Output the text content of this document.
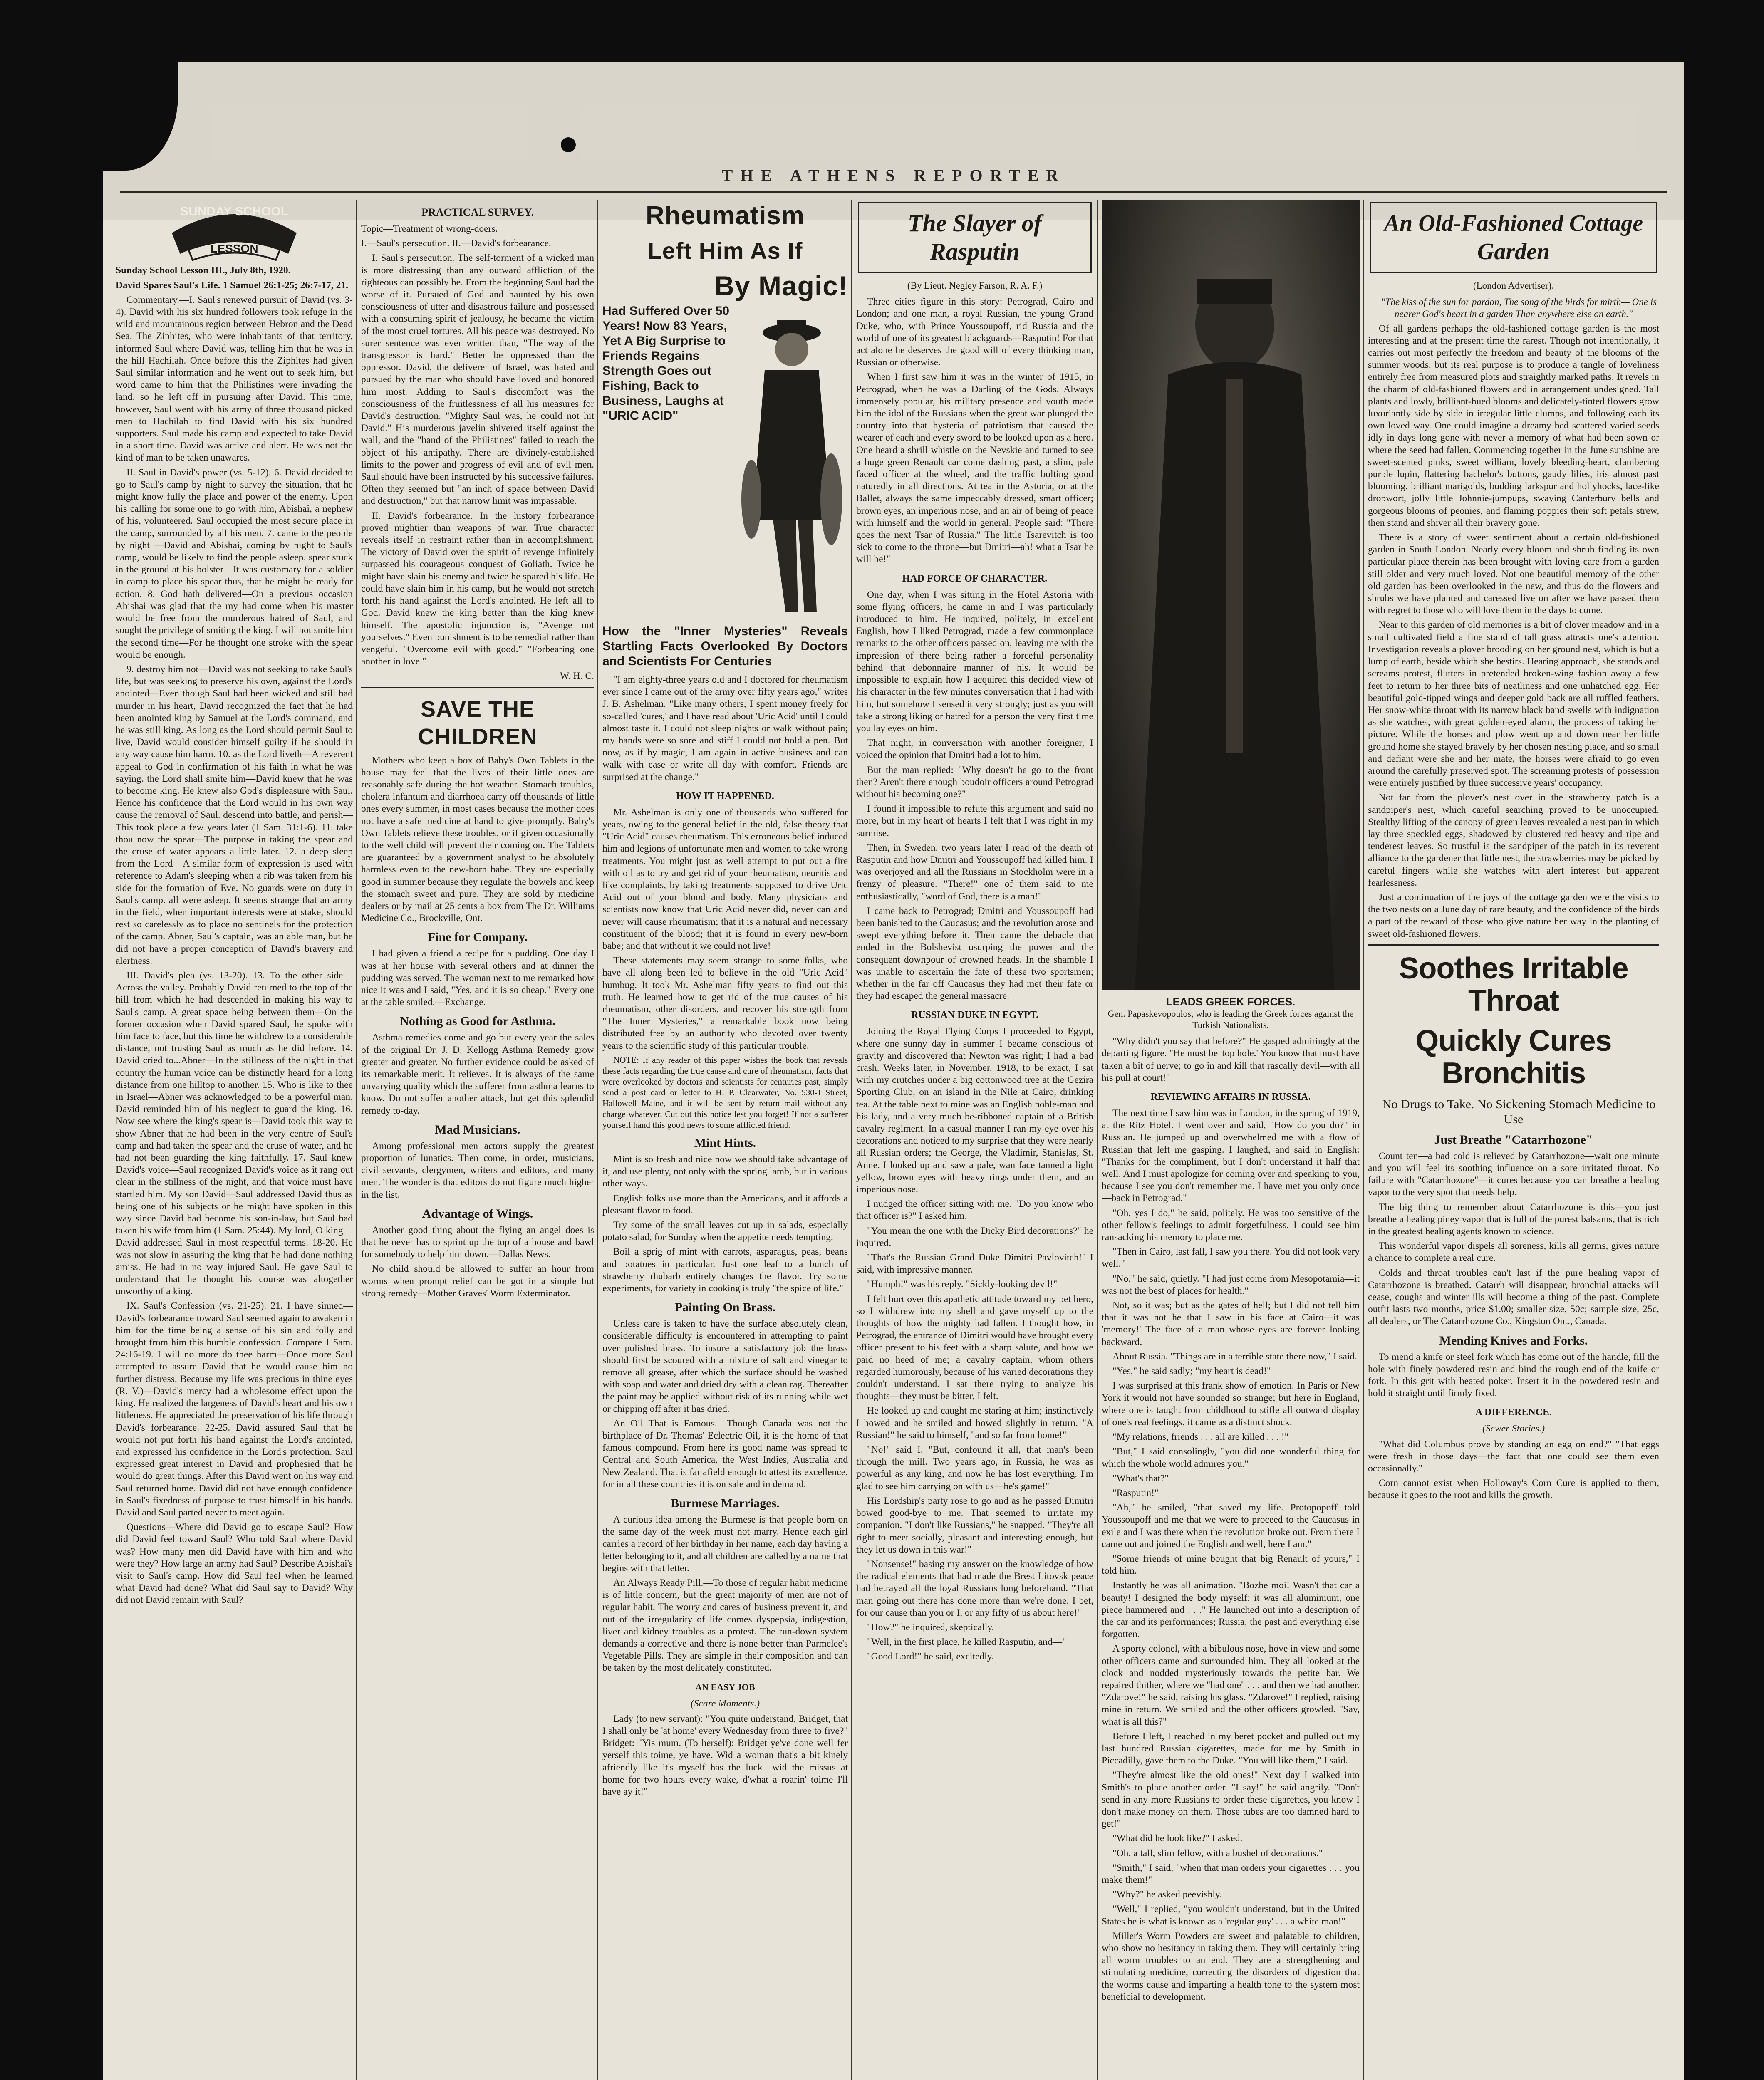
THE ATHENS REPORTER
SUNDAY SCHOOL
LESSON

Sunday School Lesson III., July 8th, 1920.

David Spares Saul's Life. 1 Samuel 26:1-25; 26:7-17, 21.

Commentary.—I. Saul's renewed pursuit of David (vs. 3-4). David with his six hundred followers took refuge in the wild and mountainous region between Hebron and the Dead Sea. The Ziphites, who were inhabitants of that territory, informed Saul where David was, telling him that he was in the hill Hachilah. Once before this the Ziphites had given Saul similar information and he went out to seek him, but word came to him that the Philistines were invading the land, so he left off in pursuing after David. This time, however, Saul went with his army of three thousand picked men to Hachilah to find David with his six hundred supporters. Saul made his camp and expected to take David in a short time. David was active and alert. He was not the kind of man to be taken unawares.

II. Saul in David's power (vs. 5-12). 6. David decided to go to Saul's camp by night to survey the situation, that he might know fully the place and power of the enemy. Upon his calling for some one to go with him, Abishai, a nephew of his, volunteered. Saul occupied the most secure place in the camp, surrounded by all his men. 7. came to the people by night —David and Abishai, coming by night to Saul's camp, would be likely to find the people asleep. spear stuck in the ground at his bolster—It was customary for a soldier in camp to place his spear thus, that he might be ready for action. 8. God hath delivered—On a previous occasion Abishai was glad that the my had come when his master would be free from the murderous hatred of Saul, and sought the privilege of smiting the king. I will not smite him the second time—For he thought one stroke with the spear would be enough.

9. destroy him not—David was not seeking to take Saul's life, but was seeking to preserve his own, against the Lord's anointed—Even though Saul had been wicked and still had murder in his heart, David recognized the fact that he had been anointed king by Samuel at the Lord's command, and he was still king. As long as the Lord should permit Saul to live, David would consider himself guilty if he should in any way cause him harm. 10. as the Lord liveth—A reverent appeal to God in confirmation of his faith in what he was saying. the Lord shall smite him—David knew that he was to become king. He knew also God's displeasure with Saul. Hence his confidence that the Lord would in his own way cause the removal of Saul. descend into battle, and perish—This took place a few years later (1 Sam. 31:1-6). 11. take thou now the spear—The purpose in taking the spear and the cruse of water appears a little later. 12. a deep sleep from the Lord—A similar form of expression is used with reference to Adam's sleeping when a rib was taken from his side for the formation of Eve. No guards were on duty in Saul's camp. all were asleep. It seems strange that an army in the field, when important interests were at stake, should rest so carelessly as to place no sentinels for the protection of the camp. Abner, Saul's captain, was an able man, but he did not have a proper conception of David's bravery and alertness.

III. David's plea (vs. 13-20). 13. To the other side—Across the valley. Probably David returned to the top of the hill from which he had descended in making his way to Saul's camp. A great space being between them—On the former occasion when David spared Saul, he spoke with him face to face, but this time he withdrew to a considerable distance, not trusting Saul as much as he did before. 14. David cried to...Abner—In the stillness of the night in that country the human voice can be distinctly heard for a long distance from one hilltop to another. 15. Who is like to thee in Israel—Abner was acknowledged to be a powerful man. David reminded him of his neglect to guard the king. 16. Now see where the king's spear is—David took this way to show Abner that he had been in the very centre of Saul's camp and had taken the spear and the cruse of water, and he had not been guarding the king faithfully. 17. Saul knew David's voice—Saul recognized David's voice as it rang out clear in the stillness of the night, and that voice must have startled him. My son David—Saul addressed David thus as being one of his subjects or he might have spoken in this way since David had become his son-in-law, but Saul had taken his wife from him (1 Sam. 25:44). My lord, O king—David addressed Saul in most respectful terms. 18-20. He was not slow in assuring the king that he had done nothing amiss. He had in no way injured Saul. He gave Saul to understand that he thought his course was altogether unworthy of a king.

IX. Saul's Confession (vs. 21-25). 21. I have sinned—David's forbearance toward Saul seemed again to awaken in him for the time being a sense of his sin and folly and brought from him this humble confession. Compare 1 Sam. 24:16-19. I will no more do thee harm—Once more Saul attempted to assure David that he would cause him no further distress. Because my life was precious in thine eyes (R. V.)—David's mercy had a wholesome effect upon the king. He realized the largeness of David's heart and his own littleness. He appreciated the preservation of his life through David's forbearance. 22-25. David assured Saul that he would not put forth his hand against the Lord's anointed, and expressed his confidence in the Lord's protection. Saul expressed great interest in David and prophesied that he would do great things. After this David went on his way and Saul returned home. David did not have enough confidence in Saul's fixedness of purpose to trust himself in his hands. David and Saul parted never to meet again.

Questions—Where did David go to escape Saul? How did David feel toward Saul? Who told Saul where David was? How many men did David have with him and who were they? How large an army had Saul? Describe Abishai's visit to Saul's camp. How did Saul feel when he learned what David had done? What did Saul say to David? Why did not David remain with Saul?

PRACTICAL SURVEY.

Topic—Treatment of wrong-doers.

I.—Saul's persecution. II.—David's forbearance.

I. Saul's persecution. The self-torment of a wicked man is more distressing than any outward affliction of the righteous can possibly be. From the beginning Saul had the worse of it. Pursued of God and haunted by his own consciousness of utter and disastrous failure and possessed with a consuming spirit of jealousy, he became the victim of the most cruel tortures. All his peace was destroyed. No surer sentence was ever written than, "The way of the transgressor is hard." Better be oppressed than the oppressor. David, the deliverer of Israel, was hated and pursued by the man who should have loved and honored him most. Adding to Saul's discomfort was the consciousness of the fruitlessness of all his measures for David's destruction. "Mighty Saul was, he could not hit David." His murderous javelin shivered itself against the wall, and the "hand of the Philistines" failed to reach the object of his antipathy. There are divinely-established limits to the power and progress of evil and of evil men. Saul should have been instructed by his successive failures. Often they seemed but "an inch of space between David and destruction," but that narrow limit was impassable.

II. David's forbearance. In the history forbearance proved mightier than weapons of war. True character reveals itself in restraint rather than in accomplishment. The victory of David over the spirit of revenge infinitely surpassed his courageous conquest of Goliath. Twice he might have slain his enemy and twice he spared his life. He could have slain him in his camp, but he would not stretch forth his hand against the Lord's anointed. He left all to God. David knew the king better than the king knew himself. The apostolic injunction is, "Avenge not yourselves." Even punishment is to be remedial rather than vengeful. "Overcome evil with good." "Forbearing one another in love."

W. H. C.

SAVE THE CHILDREN

Mothers who keep a box of Baby's Own Tablets in the house may feel that the lives of their little ones are reasonably safe during the hot weather. Stomach troubles, cholera infantum and diarrhoea carry off thousands of little ones every summer, in most cases because the mother does not have a safe medicine at hand to give promptly. Baby's Own Tablets relieve these troubles, or if given occasionally to the well child will prevent their coming on. The Tablets are guaranteed by a government analyst to be absolutely harmless even to the new-born babe. They are especially good in summer because they regulate the bowels and keep the stomach sweet and pure. They are sold by medicine dealers or by mail at 25 cents a box from The Dr. Williams Medicine Co., Brockville, Ont.

Fine for Company.

I had given a friend a recipe for a pudding. One day I was at her house with several others and at dinner the pudding was served. The woman next to me remarked how nice it was and I said, "Yes, and it is so cheap." Every one at the table smiled.—Exchange.

Nothing as Good for Asthma.

Asthma remedies come and go but every year the sales of the original Dr. J. D. Kellogg Asthma Remedy grow greater and greater. No further evidence could be asked of its remarkable merit. It relieves. It is always of the same unvarying quality which the sufferer from asthma learns to know. Do not suffer another attack, but get this splendid remedy to-day.

Mad Musicians.

Among professional men actors supply the greatest proportion of lunatics. Then come, in order, musicians, civil servants, clergymen, writers and editors, and many men. The wonder is that editors do not figure much higher in the list.

Advantage of Wings.

Another good thing about the flying an angel does is that he never has to sprint up the top of a house and bawl for somebody to help him down.—Dallas News.

No child should be allowed to suffer an hour from worms when prompt relief can be got in a simple but strong remedy—Mother Graves' Worm Exterminator.

Rheumatism
Left Him As If
By Magic!
Had Suffered Over 50 Years! Now 83 Years, Yet A Big Surprise to Friends Regains Strength Goes out Fishing, Back to Business, Laughs at "URIC ACID"
How the "Inner Mysteries" Reveals Startling Facts Overlooked By Doctors and Scientists For Centuries

"I am eighty-three years old and I doctored for rheumatism ever since I came out of the army over fifty years ago," writes J. B. Ashelman. "Like many others, I spent money freely for so-called 'cures,' and I have read about 'Uric Acid' until I could almost taste it. I could not sleep nights or walk without pain; my hands were so sore and stiff I could not hold a pen. But now, as if by magic, I am again in active business and can walk with ease or write all day with comfort. Friends are surprised at the change."

HOW IT HAPPENED.

Mr. Ashelman is only one of thousands who suffered for years, owing to the general belief in the old, false theory that "Uric Acid" causes rheumatism. This erroneous belief induced him and legions of unfortunate men and women to take wrong treatments. You might just as well attempt to put out a fire with oil as to try and get rid of your rheumatism, neuritis and like complaints, by taking treatments supposed to drive Uric Acid out of your blood and body. Many physicians and scientists now know that Uric Acid never did, never can and never will cause rheumatism; that it is a natural and necessary constituent of the blood; that it is found in every new-born babe; and that without it we could not live!

These statements may seem strange to some folks, who have all along been led to believe in the old "Uric Acid" humbug. It took Mr. Ashelman fifty years to find out this truth. He learned how to get rid of the true causes of his rheumatism, other disorders, and recover his strength from "The Inner Mysteries," a remarkable book now being distributed free by an authority who devoted over twenty years to the scientific study of this particular trouble.

NOTE: If any reader of this paper wishes the book that reveals these facts regarding the true cause and cure of rheumatism, facts that were overlooked by doctors and scientists for centuries past, simply send a post card or letter to H. P. Clearwater, No. 530-J Street, Hallowell Maine, and it will be sent by return mail without any charge whatever. Cut out this notice lest you forget! If not a sufferer yourself hand this good news to some afflicted friend.

Mint Hints.

Mint is so fresh and nice now we should take advantage of it, and use plenty, not only with the spring lamb, but in various other ways.

English folks use more than the Americans, and it affords a pleasant flavor to food.

Try some of the small leaves cut up in salads, especially potato salad, for Sunday when the appetite needs tempting.

Boil a sprig of mint with carrots, asparagus, peas, beans and potatoes in particular. Just one leaf to a bunch of strawberry rhubarb entirely changes the flavor. Try some experiments, for variety in cooking is truly "the spice of life."

Painting On Brass.

Unless care is taken to have the surface absolutely clean, considerable difficulty is encountered in attempting to paint over polished brass. To insure a satisfactory job the brass should first be scoured with a mixture of salt and vinegar to remove all grease, after which the surface should be washed with soap and water and dried dry with a clean rag. Thereafter the paint may be applied without risk of its running while wet or chipping off after it has dried.

An Oil That is Famous.—Though Canada was not the birthplace of Dr. Thomas' Eclectric Oil, it is the home of that famous compound. From here its good name was spread to Central and South America, the West Indies, Australia and New Zealand. That is far afield enough to attest its excellence, for in all these countries it is on sale and in demand.

Burmese Marriages.

A curious idea among the Burmese is that people born on the same day of the week must not marry. Hence each girl carries a record of her birthday in her name, each day having a letter belonging to it, and all children are called by a name that begins with that letter.

An Always Ready Pill.—To those of regular habit medicine is of little concern, but the great majority of men are not of regular habit. The worry and cares of business prevent it, and out of the irregularity of life comes dyspepsia, indigestion, liver and kidney troubles as a protest. The run-down system demands a corrective and there is none better than Parmelee's Vegetable Pills. They are simple in their composition and can be taken by the most delicately constituted.

AN EASY JOB
(Scare Moments.)

Lady (to new servant): "You quite understand, Bridget, that I shall only be 'at home' every Wednesday from three to five?" Bridget: "Yis mum. (To herself): Bridget ye've done well fer yerself this toime, ye have. Wid a woman that's a bit kinely afriendly like it's myself has the luck—wid the missus at home for two hours every wake, d'what a roarin' toime I'll have ay it!"

The Slayer of Rasputin
(By Lieut. Negley Farson, R. A. F.)

Three cities figure in this story: Petrograd, Cairo and London; and one man, a royal Russian, the young Grand Duke, who, with Prince Youssoupoff, rid Russia and the world of one of its greatest blackguards—Rasputin! For that act alone he deserves the good will of every thinking man, Russian or otherwise.

When I first saw him it was in the winter of 1915, in Petrograd, when he was a Darling of the Gods. Always immensely popular, his military presence and youth made him the idol of the Russians when the great war plunged the country into that hysteria of patriotism that caused the wearer of each and every sword to be looked upon as a hero. One heard a shrill whistle on the Nevskie and turned to see a huge green Renault car come dashing past, a slim, pale faced officer at the wheel, and the traffic bolting good naturedly in all directions. At tea in the Astoria, or at the Ballet, always the same impeccably dressed, smart officer; brown eyes, an imperious nose, and an air of being of peace with himself and the world in general. People said: "There goes the next Tsar of Russia." The little Tsarevitch is too sick to come to the throne—but Dmitri—ah! what a Tsar he will be!"

HAD FORCE OF CHARACTER.

One day, when I was sitting in the Hotel Astoria with some flying officers, he came in and I was particularly introduced to him. He inquired, politely, in excellent English, how I liked Petrograd, made a few commonplace remarks to the other officers passed on, leaving me with the impression of there being rather a forceful personality behind that debonnaire manner of his. It would be impossible to explain how I acquired this decided view of his character in the few minutes conversation that I had with him, but somehow I sensed it very strongly; just as you will take a strong liking or hatred for a person the very first time you lay eyes on him.

That night, in conversation with another foreigner, I voiced the opinion that Dmitri had a lot to him.

But the man replied: "Why doesn't he go to the front then? Aren't there enough boudoir officers around Petrograd without his becoming one?"

I found it impossible to refute this argument and said no more, but in my heart of hearts I felt that I was right in my surmise.

Then, in Sweden, two years later I read of the death of Rasputin and how Dmitri and Youssoupoff had killed him. I was overjoyed and all the Russians in Stockholm were in a frenzy of pleasure. "There!" one of them said to me enthusiastically, "word of God, there is a man!"

I came back to Petrograd; Dmitri and Youssoupoff had been banished to the Caucasus; and the revolution arose and swept everything before it. Then came the debacle that ended in the Bolshevist usurping the power and the consequent downpour of crowned heads. In the shamble I was unable to ascertain the fate of these two sportsmen; whether in the far off Caucasus they had met their fate or they had escaped the general massacre.

RUSSIAN DUKE IN EGYPT.

Joining the Royal Flying Corps I proceeded to Egypt, where one sunny day in summer I became conscious of gravity and discovered that Newton was right; I had a bad crash. Weeks later, in November, 1918, to be exact, I sat with my crutches under a big cottonwood tree at the Gezira Sporting Club, on an island in the Nile at Cairo, drinking tea. At the table next to mine was an English noble-man and his lady, and a very much be-ribboned captain of a British cavalry regiment. In a casual manner I ran my eye over his decorations and noticed to my surprise that they were nearly all Russian orders; the George, the Vladimir, Stanislas, St. Anne. I looked up and saw a pale, wan face tanned a light yellow, brown eyes with heavy rings under them, and an imperious nose.

I nudged the officer sitting with me. "Do you know who that officer is?" I asked him.

"You mean the one with the Dicky Bird decorations?" he inquired.

"That's the Russian Grand Duke Dimitri Pavlovitch!" I said, with impressive manner.

"Humph!" was his reply. "Sickly-looking devil!"

I felt hurt over this apathetic attitude toward my pet hero, so I withdrew into my shell and gave myself up to the thoughts of how the mighty had fallen. I thought how, in Petrograd, the entrance of Dimitri would have brought every officer present to his feet with a sharp salute, and how we paid no heed of me; a cavalry captain, whom others regarded humorously, because of his varied decorations they couldn't understand. I sat there trying to analyze his thoughts—they must be bitter, I felt.

He looked up and caught me staring at him; instinctively I bowed and he smiled and bowed slightly in return. "A Russian!" he said to himself, "and so far from home!"

"No!" said I. "But, confound it all, that man's been through the mill. Two years ago, in Russia, he was as powerful as any king, and now he has lost everything. I'm glad to see him carrying on with us—he's game!"

His Lordship's party rose to go and as he passed Dimitri bowed good-bye to me. That seemed to irritate my companion. "I don't like Russians," he snapped. "They're all right to meet socially, pleasant and interesting enough, but they let us down in this war!"

"Nonsense!" basing my answer on the knowledge of how the radical elements that had made the Brest Litovsk peace had betrayed all the loyal Russians long beforehand. "That man going out there has done more than we're done, I bet, for our cause than you or I, or any fifty of us about here!"

"How?" he inquired, skeptically.

"Well, in the first place, he killed Rasputin, and—"

"Good Lord!" he said, excitedly.

LEADS GREEK FORCES.

Gen. Papaskevopoulos, who is leading the Greek forces against the Turkish Nationalists.

"Why didn't you say that before?" He gasped admiringly at the departing figure. "He must be 'top hole.' You know that must have taken a bit of nerve; to go in and kill that rascally devil—with all his pull at court!"

REVIEWING AFFAIRS IN RUSSIA.

The next time I saw him was in London, in the spring of 1919, at the Ritz Hotel. I went over and said, "How do you do?" in Russian. He jumped up and overwhelmed me with a flow of Russian that left me gasping. I laughed, and said in English: "Thanks for the compliment, but I don't understand it half that well. And I must apologize for coming over and speaking to you, because I see you don't remember me. I have met you only once—back in Petrograd."

"Oh, yes I do," he said, politely. He was too sensitive of the other fellow's feelings to admit forgetfulness. I could see him ransacking his memory to place me.

"Then in Cairo, last fall, I saw you there. You did not look very well."

"No," he said, quietly. "I had just come from Mesopotamia—it was not the best of places for health."

Not, so it was; but as the gates of hell; but I did not tell him that it was not he that I saw in his face at Cairo—it was 'memory!' The face of a man whose eyes are forever looking backward.

About Russia. "Things are in a terrible state there now," I said.

"Yes," he said sadly; "my heart is dead!"

I was surprised at this frank show of emotion. In Paris or New York it would not have sounded so strange; but here in England, where one is taught from childhood to stifle all outward display of one's real feelings, it came as a distinct shock.

"My relations, friends . . . all are killed . . . !"

"But," I said consolingly, "you did one wonderful thing for which the whole world admires you."

"What's that?"

"Rasputin!"

"Ah," he smiled, "that saved my life. Protopopoff told Youssoupoff and me that we were to proceed to the Caucasus in exile and I was there when the revolution broke out. From there I came out and joined the English and well, here I am."

"Some friends of mine bought that big Renault of yours," I told him.

Instantly he was all animation. "Bozhe moi! Wasn't that car a beauty! I designed the body myself; it was all aluminium, one piece hammered and . . ." He launched out into a description of the car and its performances; Russia, the past and everything else forgotten.

A sporty colonel, with a bibulous nose, hove in view and some other officers came and surrounded him. They all looked at the clock and nodded mysteriously towards the petite bar. We repaired thither, where we "had one" . . . and then we had another. "Zdarove!" he said, raising his glass. "Zdarove!" I replied, raising mine in return. We smiled and the other officers growled. "Say, what is all this?"

Before I left, I reached in my beret pocket and pulled out my last hundred Russian cigarettes, made for me by Smith in Piccadilly, gave them to the Duke. "You will like them," I said.

"They're almost like the old ones!" Next day I walked into Smith's to place another order. "I say!" he said angrily. "Don't send in any more Russians to order these cigarettes, you know I don't make money on them. Those tubes are too damned hard to get!"

"What did he look like?" I asked.

"Oh, a tall, slim fellow, with a bushel of decorations."

"Smith," I said, "when that man orders your cigarettes . . . you make them!"

"Why?" he asked peevishly.

"Well," I replied, "you wouldn't understand, but in the United States he is what is known as a 'regular guy' . . . a white man!"

Miller's Worm Powders are sweet and palatable to children, who show no hesitancy in taking them. They will certainly bring all worm troubles to an end. They are a strengthening and stimulating medicine, correcting the disorders of digestion that the worms cause and imparting a health tone to the system most beneficial to development.

An Old-Fashioned Cottage Garden
(London Advertiser).

"The kiss of the sun for pardon, The song of the birds for mirth— One is nearer God's heart in a garden Than anywhere else on earth."

Of all gardens perhaps the old-fashioned cottage garden is the most interesting and at the present time the rarest. Though not intentionally, it carries out most perfectly the freedom and beauty of the blooms of the summer woods, but its real purpose is to produce a tangle of loveliness entirely free from measured plots and straightly marked paths. It revels in the charm of old-fashioned flowers and in arrangement undesigned. Tall plants and lowly, brilliant-hued blooms and delicately-tinted flowers grow luxuriantly side by side in irregular little clumps, and following each its own loved way. One could imagine a dreamy bed scattered varied seeds idly in days long gone with never a memory of what had been sown or where the seed had fallen. Commencing together in the June sunshine are sweet-scented pinks, sweet william, lovely bleeding-heart, clambering purple lupin, flattering bachelor's buttons, gaudy lilies, iris almost past blooming, brilliant marigolds, budding larkspur and hollyhocks, lace-like dropwort, jolly little Johnnie-jumpups, swaying Canterbury bells and gorgeous blooms of peonies, and flaming poppies their soft petals strew, then stand and shiver all their bravery gone.

There is a story of sweet sentiment about a certain old-fashioned garden in South London. Nearly every bloom and shrub finding its own particular place therein has been brought with loving care from a garden still older and very much loved. Not one beautiful memory of the other old garden has been overlooked in the new, and thus do the flowers and shrubs we have planted and caressed live on after we have passed them with regret to those who will love them in the days to come.

Near to this garden of old memories is a bit of clover meadow and in a small cultivated field a fine stand of tall grass attracts one's attention. Investigation reveals a plover brooding on her ground nest, which is but a lump of earth, beside which she bestirs. Hearing approach, she stands and screams protest, flutters in pretended broken-wing fashion away a few feet to return to her three bits of neatliness and one unhatched egg. Her beautiful gold-tipped wings and deeper gold back are all ruffled feathers. Her snow-white throat with its narrow black band swells with indignation as she watches, with great golden-eyed alarm, the process of taking her picture. While the horses and plow went up and down near her little ground home she stayed bravely by her chosen nesting place, and so small and defiant were she and her mate, the horses were afraid to go even around the carefully preserved spot. The screaming protests of possession were entirely justified by three successive years' occupancy.

Not far from the plover's nest over in the strawberry patch is a sandpiper's nest, which careful searching proved to be unoccupied. Stealthy lifting of the canopy of green leaves revealed a nest pan in which lay three speckled eggs, shadowed by clustered red heavy and ripe and tenderest leaves. So trustful is the sandpiper of the patch in its reverent alliance to the gardener that little nest, the strawberries may be picked by careful fingers while she watches with alert interest but apparent fearlessness.

Just a continuation of the joys of the cottage garden were the visits to the two nests on a June day of rare beauty, and the confidence of the birds a part of the reward of those who give nature her way in the planting of sweet old-fashioned flowers.

Soothes Irritable Throat
Quickly Cures Bronchitis

No Drugs to Take. No Sickening Stomach Medicine to Use

Just Breathe "Catarrhozone"

Count ten—a bad cold is relieved by Catarrhozone—wait one minute and you will feel its soothing influence on a sore irritated throat. No failure with "Catarrhozone"—it cures because you can breathe a healing vapor to the very spot that needs help.

The big thing to remember about Catarrhozone is this—you just breathe a healing piney vapor that is full of the purest balsams, that is rich in the greatest healing agents known to science.

This wonderful vapor dispels all soreness, kills all germs, gives nature a chance to complete a real cure.

Colds and throat troubles can't last if the pure healing vapor of Catarrhozone is breathed. Catarrh will disappear, bronchial attacks will cease, coughs and winter ills will become a thing of the past. Complete outfit lasts two months, price $1.00; smaller size, 50c; sample size, 25c, all dealers, or The Catarrhozone Co., Kingston Ont., Canada.

Mending Knives and Forks.

To mend a knife or steel fork which has come out of the handle, fill the hole with finely powdered resin and bind the rough end of the knife or fork. In this grit with heated poker. Insert it in the powdered resin and hold it straight until firmly fixed.

A DIFFERENCE.
(Sewer Stories.)

"What did Columbus prove by standing an egg on end?" "That eggs were fresh in those days—the fact that one could see them even occasionally."

Corn cannot exist when Holloway's Corn Cure is applied to them, because it goes to the root and kills the growth.
